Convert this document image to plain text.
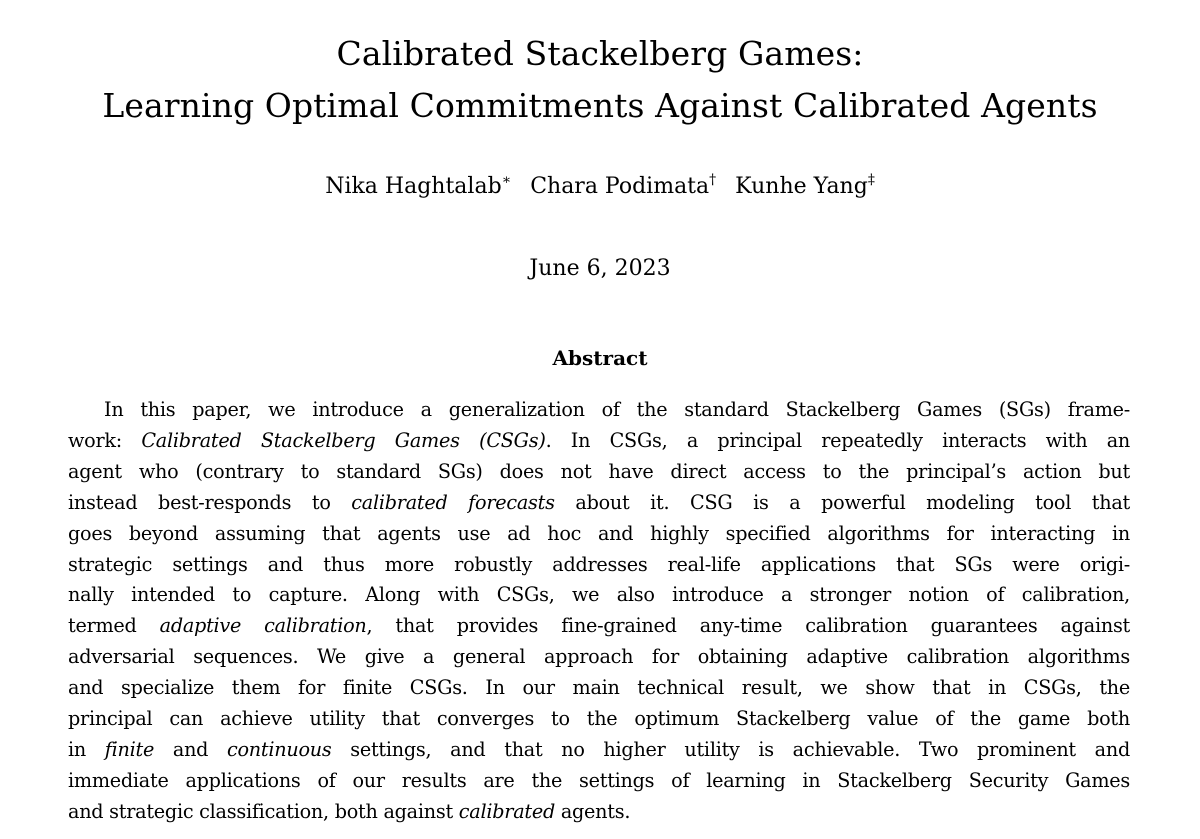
Calibrated Stackelberg Games:
Learning Optimal Commitments Against Calibrated Agents
Nika Haghtalab∗ Chara Podimata† Kunhe Yang‡
June 6, 2023
Abstract
In this paper, we introduce a generalization of the standard Stackelberg Games (SGs) frame-
work: Calibrated Stackelberg Games (CSGs). In CSGs, a principal repeatedly interacts with an
agent who (contrary to standard SGs) does not have direct access to the principal’s action but
instead best-responds to calibrated forecasts about it. CSG is a powerful modeling tool that
goes beyond assuming that agents use ad hoc and highly specified algorithms for interacting in
strategic settings and thus more robustly addresses real-life applications that SGs were origi-
nally intended to capture. Along with CSGs, we also introduce a stronger notion of calibration,
termed adaptive calibration, that provides fine-grained any-time calibration guarantees against
adversarial sequences. We give a general approach for obtaining adaptive calibration algorithms
and specialize them for finite CSGs. In our main technical result, we show that in CSGs, the
principal can achieve utility that converges to the optimum Stackelberg value of the game both
in finite and continuous settings, and that no higher utility is achievable. Two prominent and
immediate applications of our results are the settings of learning in Stackelberg Security Games
and strategic classification, both against calibrated agents.
